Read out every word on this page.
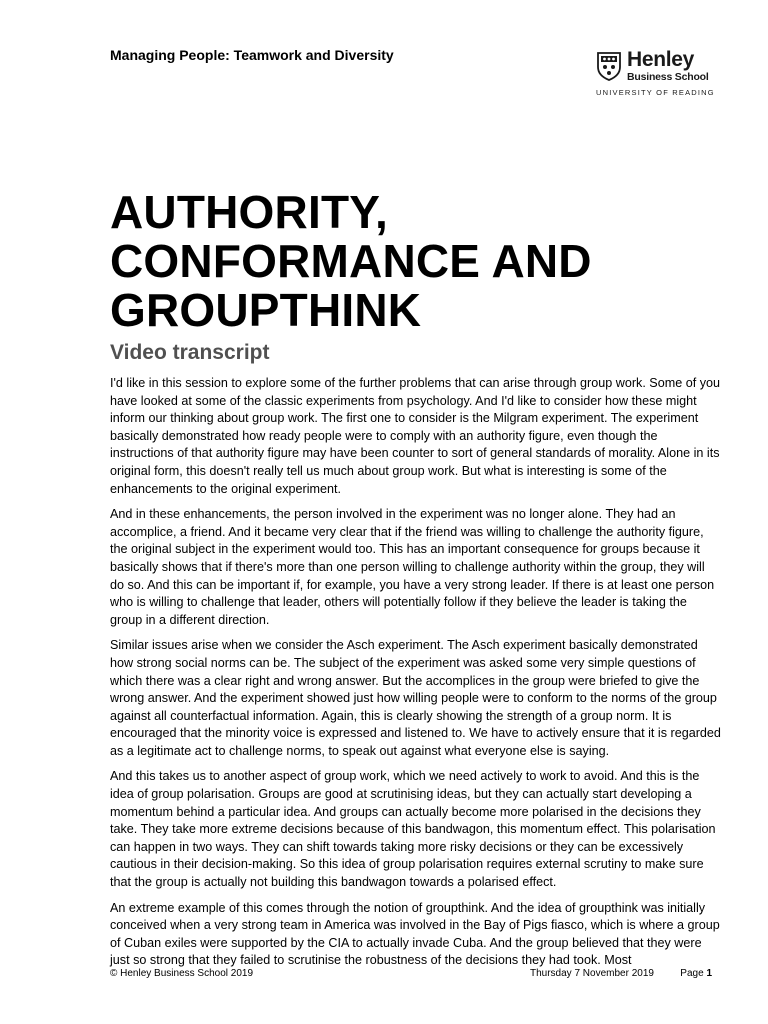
Managing People: Teamwork and Diversity	Henley
Business School
UNIVERSITY OF READING
AUTHORITY, CONFORMANCE AND GROUPTHINK
Video transcript

I'd like in this session to explore some of the further problems that can arise through group work. Some of you have looked at some of the classic experiments from psychology. And I'd like to consider how these might inform our thinking about group work. The first one to consider is the Milgram experiment. The experiment basically demonstrated how ready people were to comply with an authority figure, even though the instructions of that authority figure may have been counter to sort of general standards of morality. Alone in its original form, this doesn't really tell us much about group work. But what is interesting is some of the enhancements to the original experiment.

And in these enhancements, the person involved in the experiment was no longer alone. They had an accomplice, a friend. And it became very clear that if the friend was willing to challenge the authority figure, the original subject in the experiment would too. This has an important consequence for groups because it basically shows that if there's more than one person willing to challenge authority within the group, they will do so. And this can be important if, for example, you have a very strong leader. If there is at least one person who is willing to challenge that leader, others will potentially follow if they believe the leader is taking the group in a different direction.

Similar issues arise when we consider the Asch experiment. The Asch experiment basically demonstrated how strong social norms can be. The subject of the experiment was asked some very simple questions of which there was a clear right and wrong answer. But the accomplices in the group were briefed to give the wrong answer. And the experiment showed just how willing people were to conform to the norms of the group against all counterfactual information. Again, this is clearly showing the strength of a group norm. It is encouraged that the minority voice is expressed and listened to. We have to actively ensure that it is regarded as a legitimate act to challenge norms, to speak out against what everyone else is saying.

And this takes us to another aspect of group work, which we need actively to work to avoid. And this is the idea of group polarisation. Groups are good at scrutinising ideas, but they can actually start developing a momentum behind a particular idea. And groups can actually become more polarised in the decisions they take. They take more extreme decisions because of this bandwagon, this momentum effect. This polarisation can happen in two ways. They can shift towards taking more risky decisions or they can be excessively cautious in their decision-making. So this idea of group polarisation requires external scrutiny to make sure that the group is actually not building this bandwagon towards a polarised effect.

An extreme example of this comes through the notion of groupthink. And the idea of groupthink was initially conceived when a very strong team in America was involved in the Bay of Pigs fiasco, which is where a group of Cuban exiles were supported by the CIA to actually invade Cuba. And the group believed that they were just so strong that they failed to scrutinise the robustness of the decisions they had took. Most

© Henley Business School 2019	Thursday 7 November 2019	Page 1
